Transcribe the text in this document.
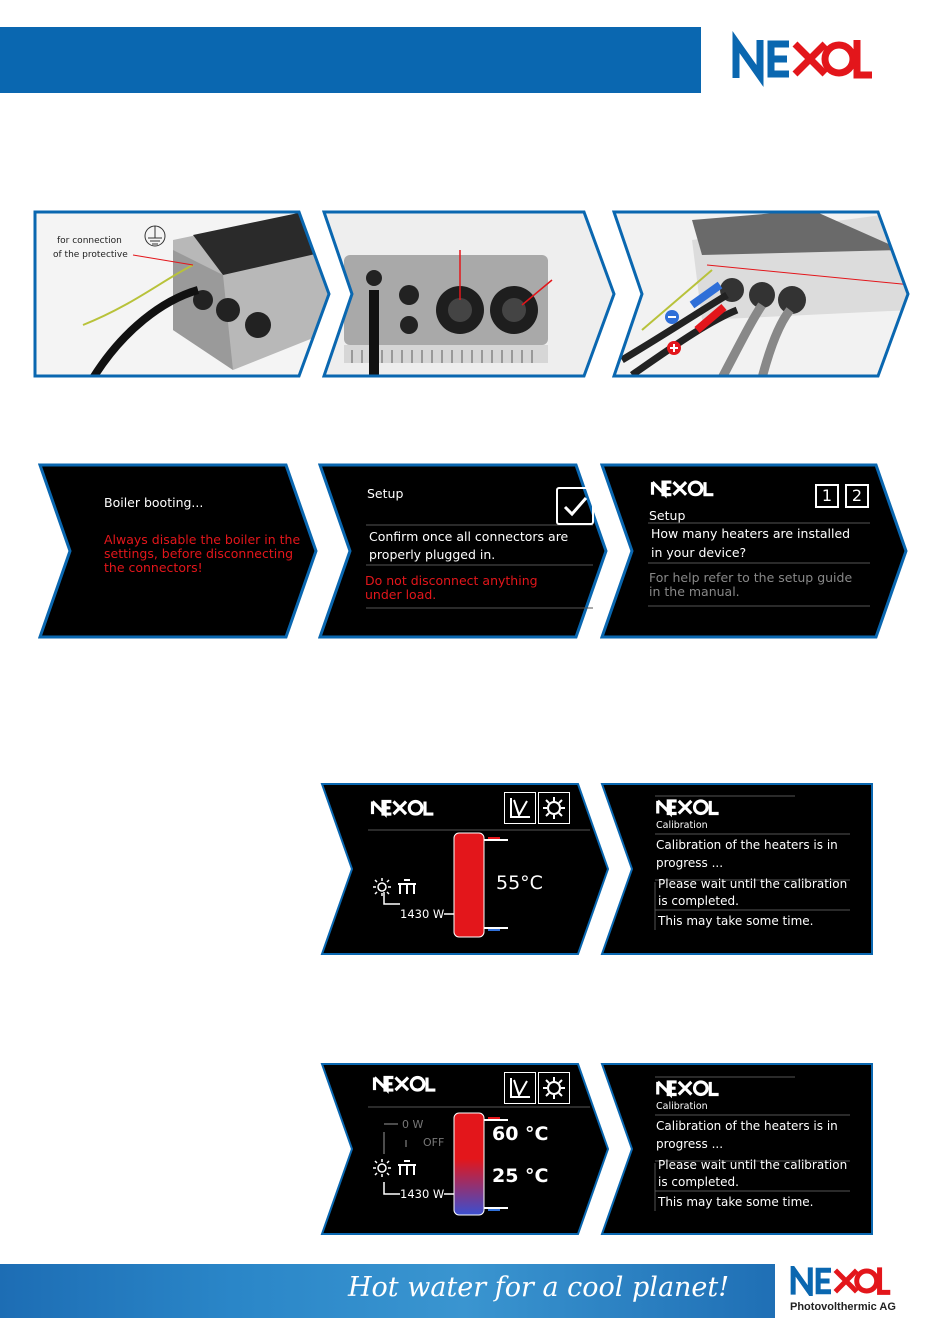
for connection
of the protective
Boiler booting...
Always disable the boiler in the
settings, before disconnecting
the connectors!
Setup
Confirm once all connectors are
properly plugged in.
Do not disconnect anything
under load.
1	2
Setup
How many heaters are installed
in your device?
For help refer to the setup guide
in the manual.
1430 W
55°C
Calibration
Calibration of the heaters is in
progress ...
Please wait until the calibration
is completed.
This may take some time.
0 W
OFF
1430 W
60 °C
25 °C
Calibration
Calibration of the heaters is in
progress ...
Please wait until the calibration
is completed.
This may take some time.
Hot water for a cool planet!
Photovolthermic AG
